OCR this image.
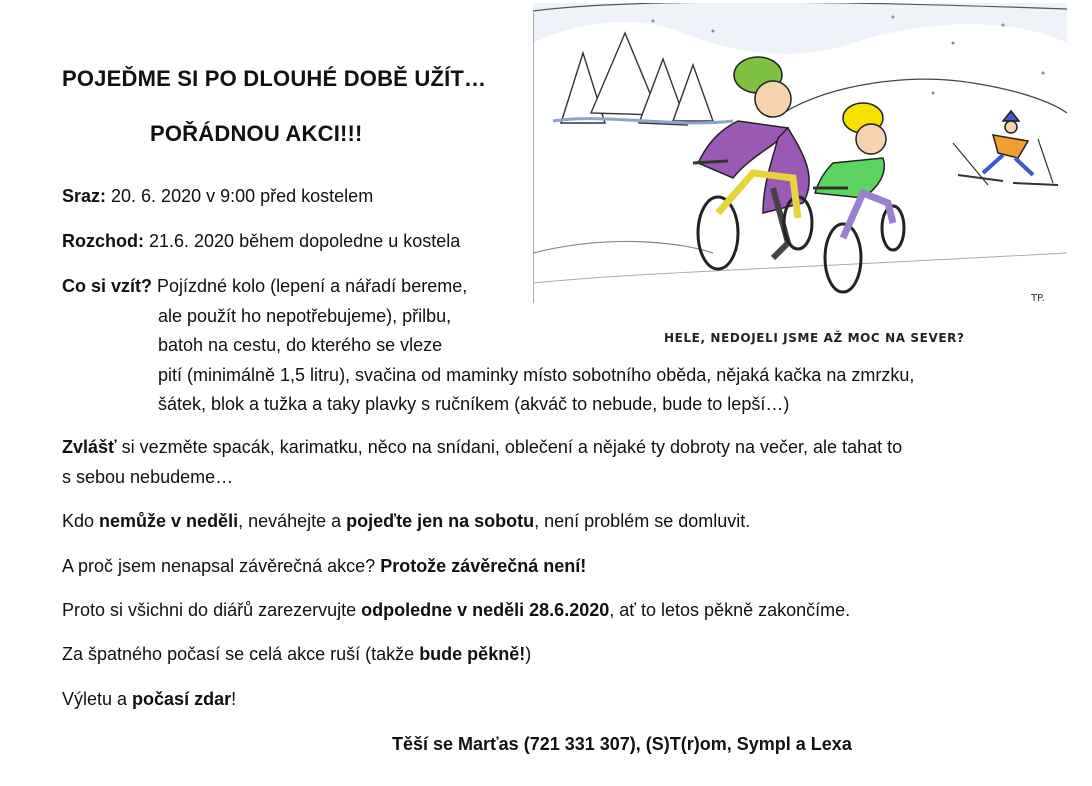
POJEĎME SI PO DLOUHÉ DOBĚ UŽÍT…
POŘÁDNOU AKCI!!!
Sraz: 20. 6. 2020 v 9:00 před kostelem
Rozchod: 21.6. 2020 během dopoledne u kostela
Co si vzít? Pojízdné kolo (lepení a nářadí bereme,
ale použít ho nepotřebujeme), přilbu,
batoh na cestu, do kterého se vleze
pití (minimálně 1,5 litru), svačina od maminky místo sobotního oběda, nějaká kačka na zmrzku,
šátek, blok a tužka a taky plavky s ručníkem (akváč to nebude, bude to lepší…)
Zvlášť si vezměte spacák, karimatku, něco na snídani, oblečení a nějaké ty dobroty na večer, ale tahat to
s sebou nebudeme…
Kdo nemůže v neděli, neváhejte a pojeďte jen na sobotu, není problém se domluvit.
A proč jsem nenapsal závěrečná akce? Protože závěrečná není!
Proto si všichni do diářů zarezervujte odpoledne v neděli 28.6.2020, ať to letos pěkně zakončíme.
Za špatného počasí se celá akce ruší (takže bude pěkně!)
Výletu a počasí zdar!
Těší se Marťas (721 331 307), (S)T(r)om, Sympl a Lexa
TP.
HELE, NEDOJELI JSME AŽ MOC NA SEVER?
